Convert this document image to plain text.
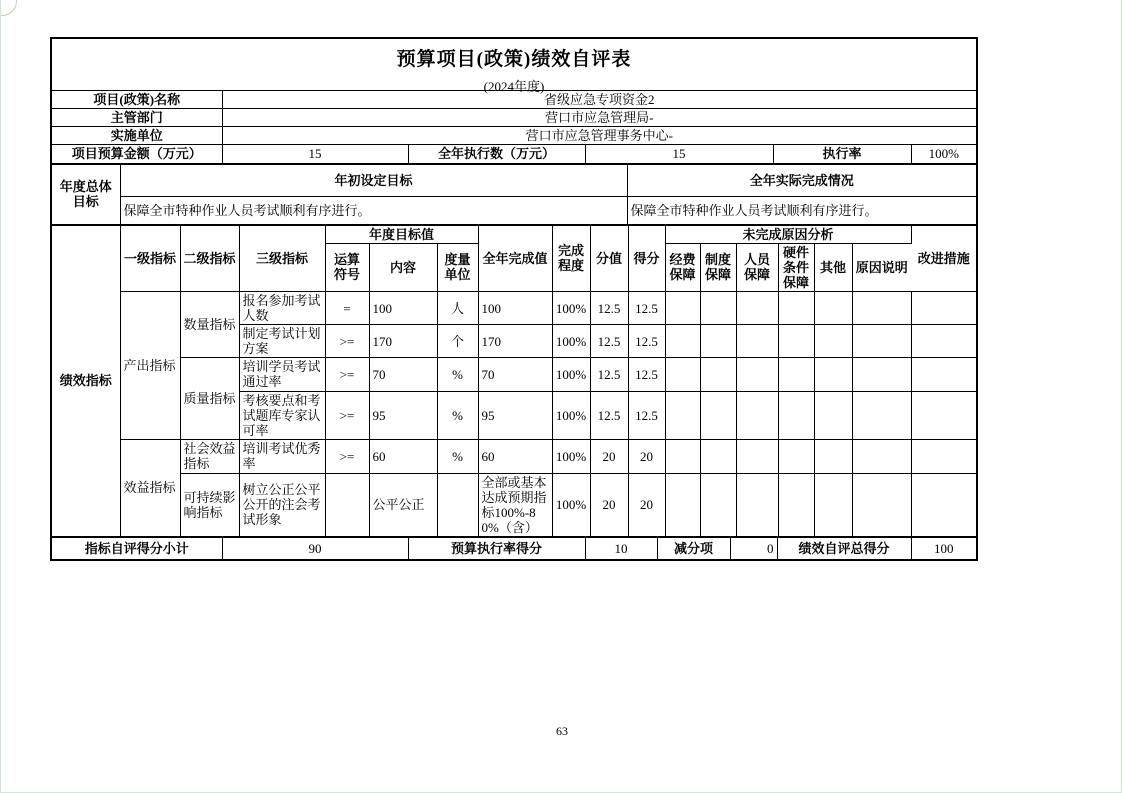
预算项目(政策)绩效自评表
(2024年度)
项目(政策)名称	省级应急专项资金2
主管部门	营口市应急管理局-
实施单位	营口市应急管理事务中心-
项目预算金额（万元）	15	全年执行数（万元）	15	执行率	100%
年度总体目标	年初设定目标	全年实际完成情况
	保障全市特种作业人员考试顺利有序进行。	保障全市特种作业人员考试顺利有序进行。
绩效指标	一级指标	二级指标	三级指标	年度目标值			全年完成值	完成程度	分值	得分	未完成原因分析						改进措施
				运算符号	内容	度量单位					经费保障	制度保障	人员保障	硬件条件保障	其他	原因说明	
	产出指标	数量指标	报名参加考试人数	=	100	人	100	100%	12.5	12.5							
			制定考试计划方案	>=	170	个	170	100%	12.5	12.5							
		质量指标	培训学员考试通过率	>=	70	%	70	100%	12.5	12.5							
			考核要点和考试题库专家认可率	>=	95	%	95	100%	12.5	12.5							
	效益指标	社会效益指标	培训考试优秀率	>=	60	%	60	100%	20	20							
		可持续影响指标	树立公正公平公开的注会考试形象		公平公正		全部或基本达成预期指标100%-80%（含）	100%	20	20							
指标自评得分小计	90	预算执行率得分	10	减分项	0	绩效自评总得分	100
63
